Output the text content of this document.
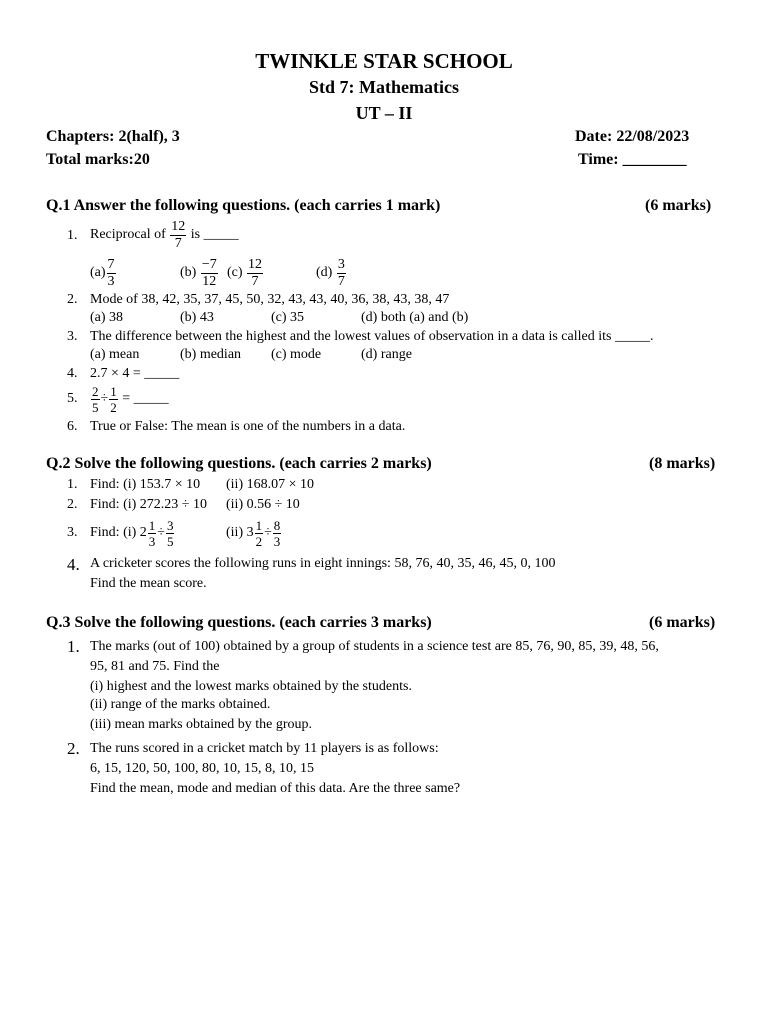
TWINKLE STAR SCHOOL
Std 7: Mathematics
UT – II
Chapters: 2(half), 3	Date: 22/08/2023
Total marks:20	Time: ________
Q.1 Answer the following questions. (each carries 1 mark)	(6 marks)
1. Reciprocal of
$\frac{12}{7}$
is _____
$(a) \frac{7}{3}$	(b)
$\frac{-7}{12} (c)$
$\frac{12}{7}$	(d)
$\frac{3}{7}$
2. Mode of 38, 42, 35, 37, 45, 50, 32, 43, 43, 40, 36, 38, 43, 38, 47
(a) 38	(b) 43	(c) 35	(d) both (a) and (b)
3. The difference between the highest and the lowest values of observation in a data is called its _____.
(a) mean	(b) median (c) mode	(d) range
4. 2.7 × 4 = _____
5. $\frac{2}{5} \div \frac{1}{2}$
= _____
6. True or False: The mean is one of the numbers in a data.
Q.2 Solve the following questions. (each carries 2 marks)	(8 marks)
1. Find: (i) 153.7 × 10 (ii) 168.07 × 10
2. Find: (i) 272.23 ÷ 10 (ii) 0.56 ÷ 10
3. Find: (i)
$2 \frac{1}{3} \div \frac{3}{5}$	(ii)
$3 \frac{1}{2} \div \frac{8}{3}$
4. A cricketer scores the following runs in eight innings: 58, 76, 40, 35, 46, 45, 0, 100
Find the mean score.
Q.3 Solve the following questions. (each carries 3 marks)	(6 marks)
1. The marks (out of 100) obtained by a group of students in a science test are 85, 76, 90, 85, 39, 48, 56,
95, 81 and 75. Find the
(i) highest and the lowest marks obtained by the students.
(ii) range of the marks obtained.
(iii) mean marks obtained by the group.
2. The runs scored in a cricket match by 11 players is as follows:
6, 15, 120, 50, 100, 80, 10, 15, 8, 10, 15
Find the mean, mode and median of this data. Are the three same?
